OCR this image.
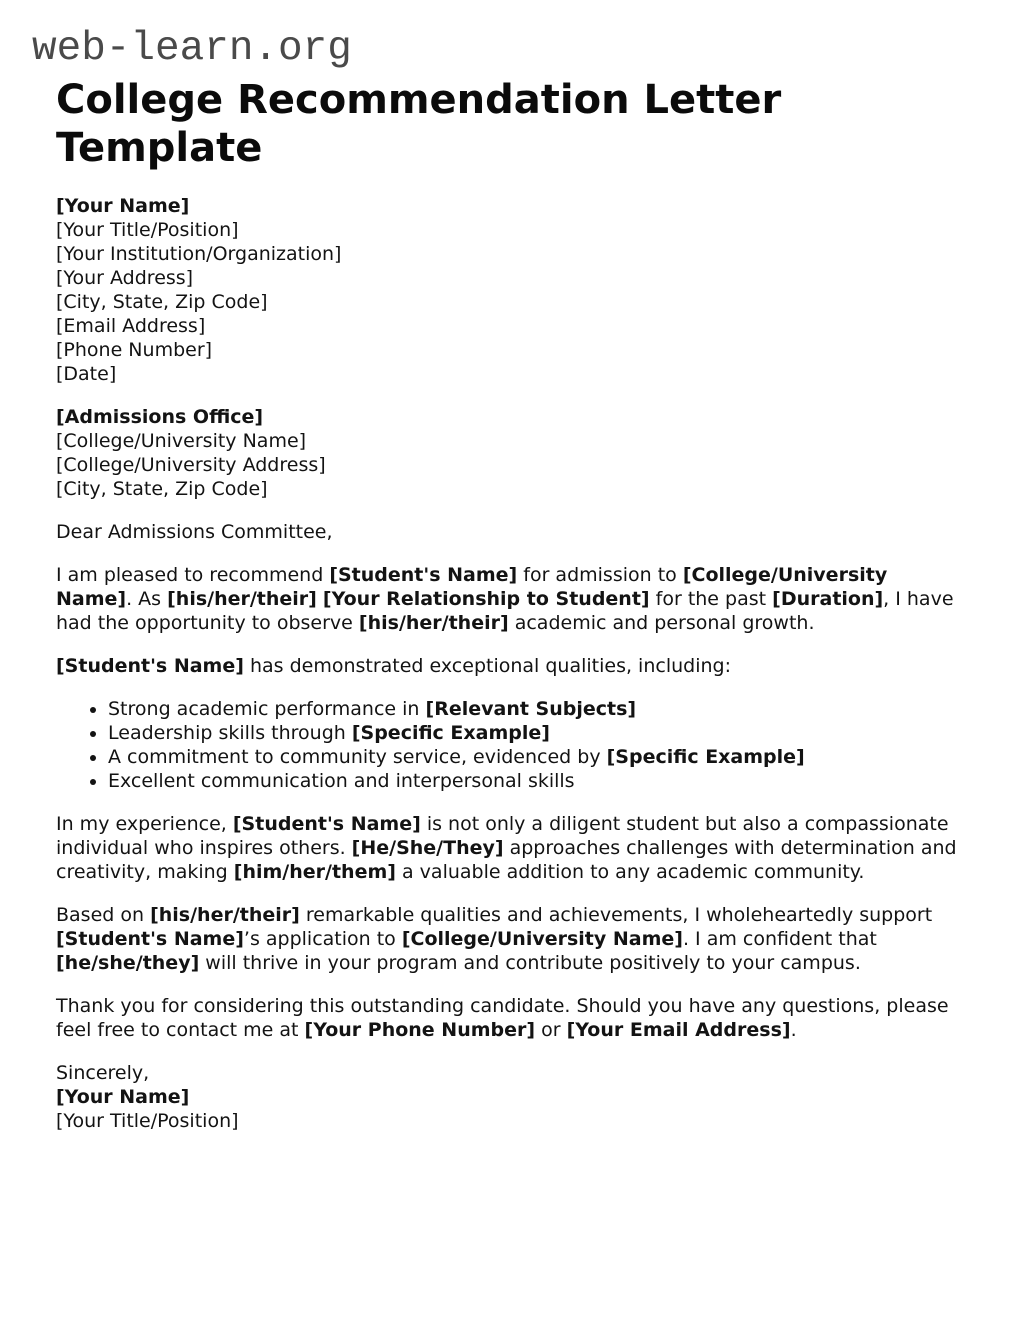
web-learn.org
College Recommendation Letter Template

[Your Name]
[Your Title/Position]
[Your Institution/Organization]
[Your Address]
[City, State, Zip Code]
[Email Address]
[Phone Number]
[Date]

[Admissions Office]
[College/University Name]
[College/University Address]
[City, State, Zip Code]

Dear Admissions Committee,

I am pleased to recommend [Student's Name] for admission to [College/University Name]. As [his/her/their] [Your Relationship to Student] for the past [Duration], I have had the opportunity to observe [his/her/their] academic and personal growth.

[Student's Name] has demonstrated exceptional qualities, including:

• Strong academic performance in [Relevant Subjects]
• Leadership skills through [Specific Example]
• A commitment to community service, evidenced by [Specific Example]
• Excellent communication and interpersonal skills

In my experience, [Student's Name] is not only a diligent student but also a compassionate individual who inspires others. [He/She/They] approaches challenges with determination and creativity, making [him/her/them] a valuable addition to any academic community.

Based on [his/her/their] remarkable qualities and achievements, I wholeheartedly support [Student's Name]’s application to [College/University Name]. I am confident that [he/she/they] will thrive in your program and contribute positively to your campus.

Thank you for considering this outstanding candidate. Should you have any questions, please feel free to contact me at [Your Phone Number] or [Your Email Address].

Sincerely,
[Your Name]
[Your Title/Position]
